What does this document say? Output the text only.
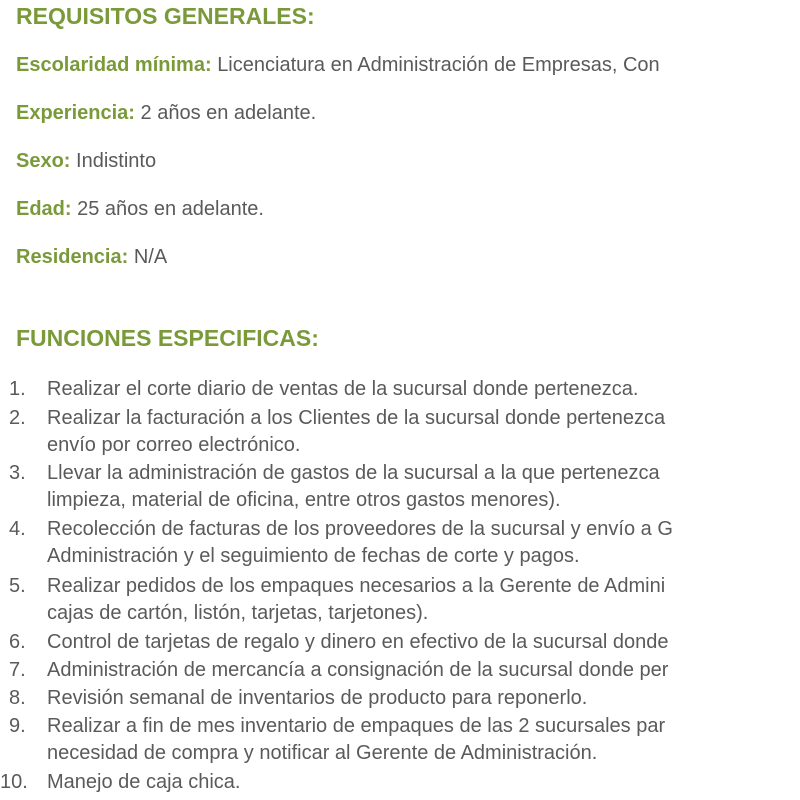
REQUISITOS GENERALES:

Escolaridad mínima: Licenciatura en Administración de Empresas, Con

Experiencia: 2 años en adelante.

Sexo: Indistinto

Edad: 25 años en adelante.

Residencia: N/A

FUNCIONES ESPECIFICAS:
1.	Realizar el corte diario de ventas de la sucursal donde pertenezca.
2.	Realizar la facturación a los Clientes de la sucursal donde pertenezca
envío por correo electrónico.
3.	Llevar la administración de gastos de la sucursal a la que pertenezca
limpieza, material de oficina, entre otros gastos menores).
4.	Recolección de facturas de los proveedores de la sucursal y envío a G
Administración y el seguimiento de fechas de corte y pagos.
5.	Realizar pedidos de los empaques necesarios a la Gerente de Admini
cajas de cartón, listón, tarjetas, tarjetones).
6.	Control de tarjetas de regalo y dinero en efectivo de la sucursal donde
7.	Administración de mercancía a consignación de la sucursal donde per
8.	Revisión semanal de inventarios de producto para reponerlo.
9.	Realizar a fin de mes inventario de empaques de las 2 sucursales par
necesidad de compra y notificar al Gerente de Administración.
10. Manejo de caja chica.
